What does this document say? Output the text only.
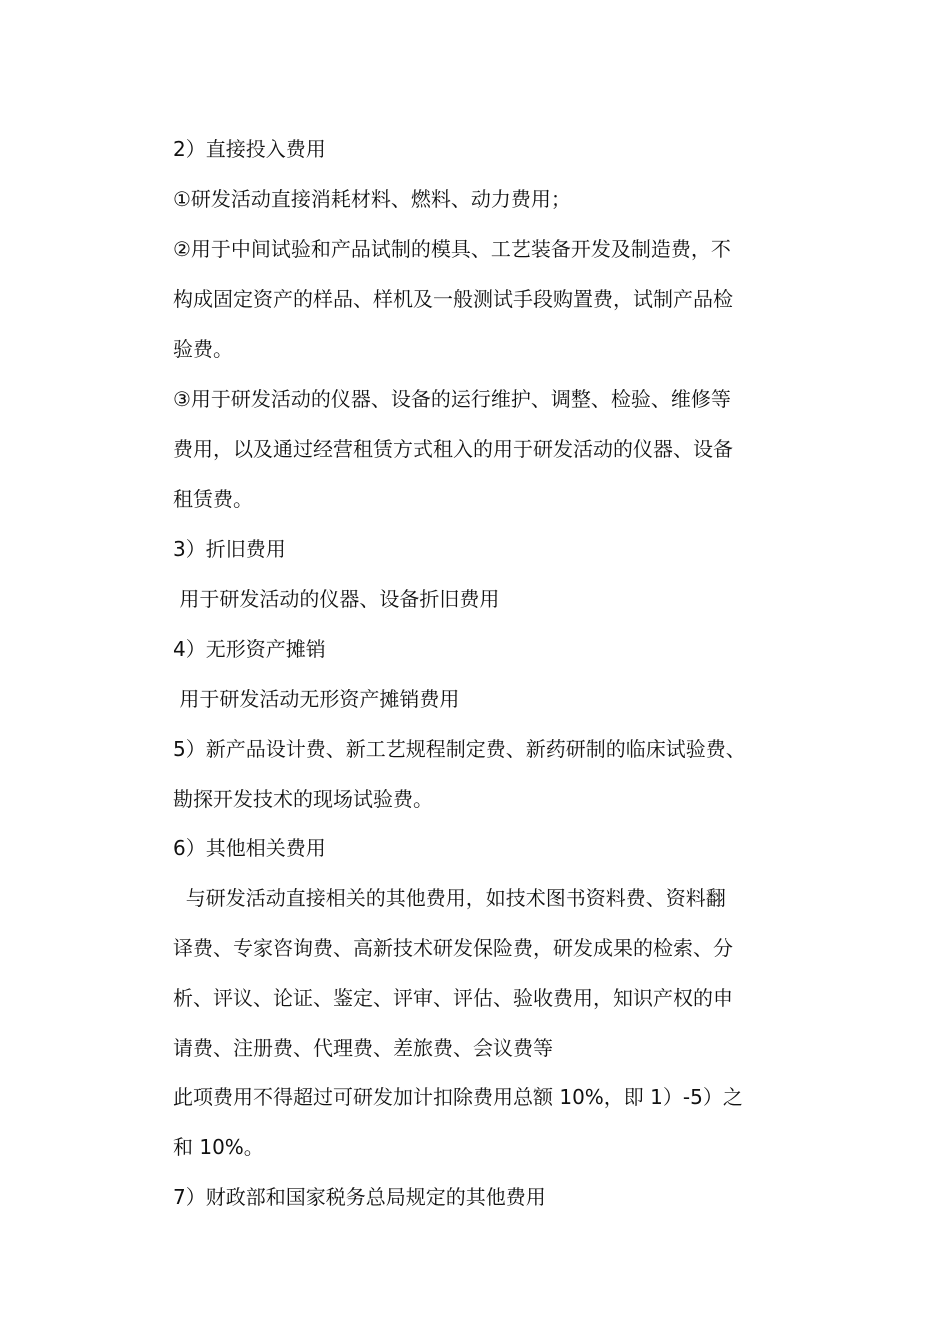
2）直接投入费用

①研发活动直接消耗材料、燃料、动力费用；

②用于中间试验和产品试制的模具、工艺装备开发及制造费，不

构成固定资产的样品、样机及一般测试手段购置费，试制产品检

验费。

③用于研发活动的仪器、设备的运行维护、调整、检验、维修等

费用，以及通过经营租赁方式租入的用于研发活动的仪器、设备

租赁费。

3）折旧费用

用于研发活动的仪器、设备折旧费用

4）无形资产摊销

用于研发活动无形资产摊销费用

5）新产品设计费、新工艺规程制定费、新药研制的临床试验费、

勘探开发技术的现场试验费。

6）其他相关费用

与研发活动直接相关的其他费用，如技术图书资料费、资料翻

译费、专家咨询费、高新技术研发保险费，研发成果的检索、分

析、评议、论证、鉴定、评审、评估、验收费用，知识产权的申

请费、注册费、代理费、差旅费、会议费等

此项费用不得超过可研发加计扣除费用总额 10%，即 1）-5）之

和 10%。

7）财政部和国家税务总局规定的其他费用
